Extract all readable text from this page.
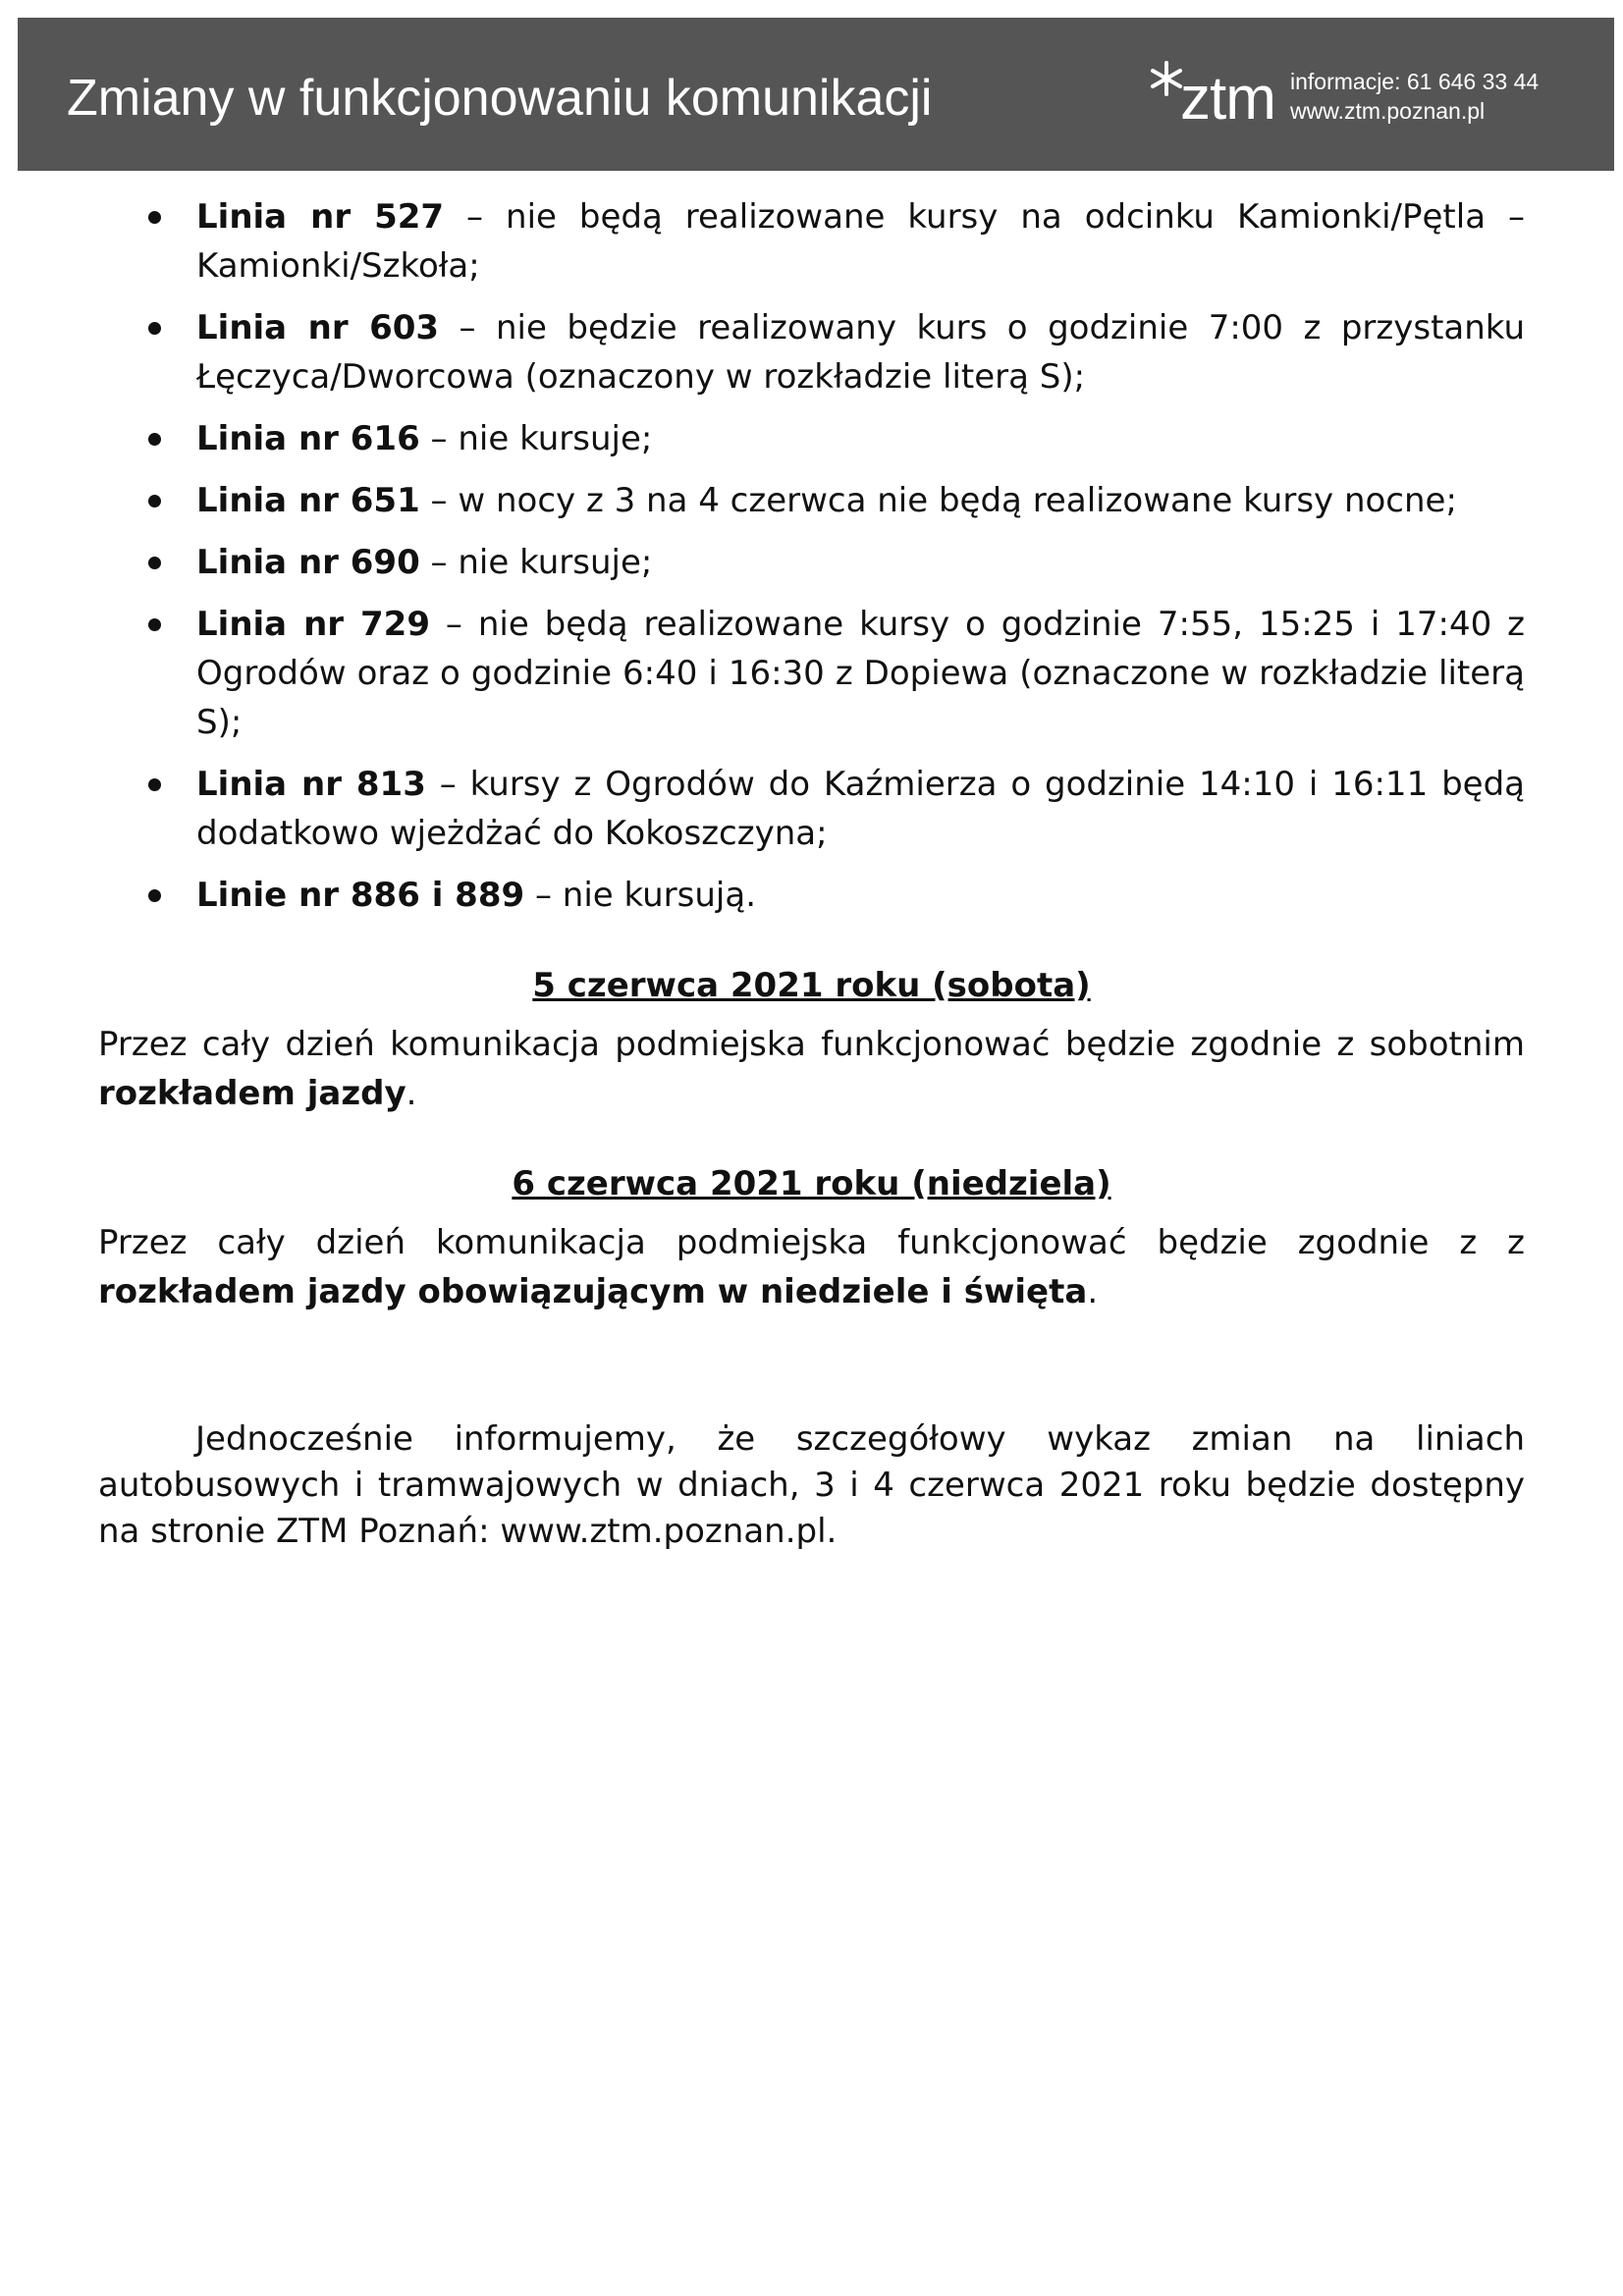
Zmiany w funkcjonowaniu komunikacji	ztm informacje: 61 646 33 44
www.ztm.poznan.pl
Linia nr 527 – nie będą realizowane kursy na odcinku Kamionki/Pętla – Kamionki/Szkoła;
Linia nr 603 – nie będzie realizowany kurs o godzinie 7:00 z przystanku Łęczyca/Dworcowa (oznaczony w rozkładzie literą S);
Linia nr 616 – nie kursuje;
Linia nr 651 – w nocy z 3 na 4 czerwca nie będą realizowane kursy nocne;
Linia nr 690 – nie kursuje;
Linia nr 729 – nie będą realizowane kursy o godzinie 7:55, 15:25 i 17:40 z Ogrodów oraz o godzinie 6:40 i 16:30 z Dopiewa (oznaczone w rozkładzie literą S);
Linia nr 813 – kursy z Ogrodów do Kaźmierza o godzinie 14:10 i 16:11 będą dodatkowo wjeżdżać do Kokoszczyna;
Linie nr 886 i 889 – nie kursują.
5 czerwca 2021 roku (sobota)

Przez cały dzień komunikacja podmiejska funkcjonować będzie zgodnie z sobotnim rozkładem jazdy.

6 czerwca 2021 roku (niedziela)

Przez cały dzień komunikacja podmiejska funkcjonować będzie zgodnie z z rozkładem jazdy obowiązującym w niedziele i święta.

Jednocześnie informujemy, że szczegółowy wykaz zmian na liniach autobusowych i tramwajowych w dniach, 3 i 4 czerwca 2021 roku będzie dostępny na stronie ZTM Poznań: www.ztm.poznan.pl.
